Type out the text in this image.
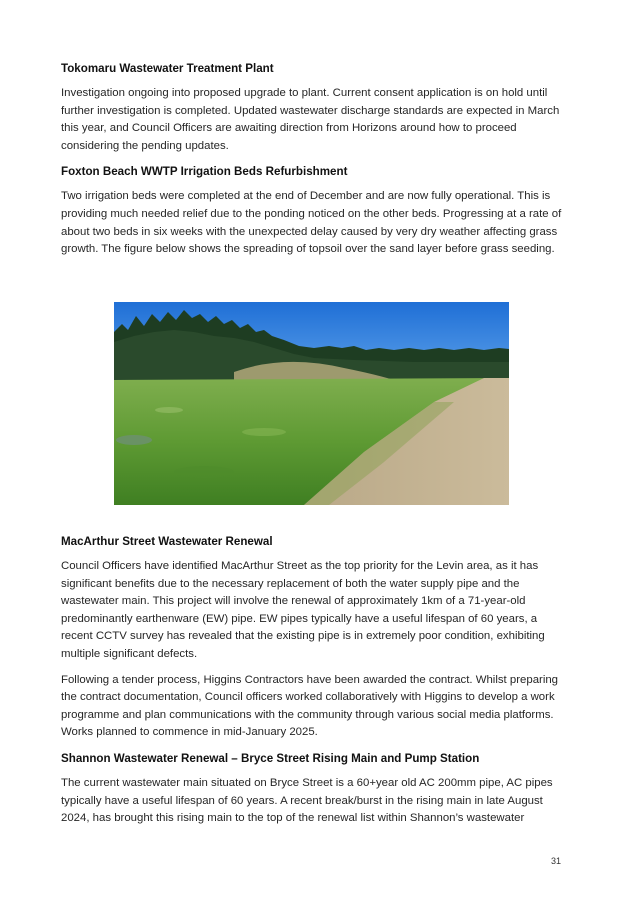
Tokomaru Wastewater Treatment Plant

Investigation ongoing into proposed upgrade to plant. Current consent application is on hold until further investigation is completed. Updated wastewater discharge standards are expected in March this year, and Council Officers are awaiting direction from Horizons around how to proceed considering the pending updates.

Foxton Beach WWTP Irrigation Beds Refurbishment

Two irrigation beds were completed at the end of December and are now fully operational. This is providing much needed relief due to the ponding noticed on the other beds. Progressing at a rate of about two beds in six weeks with the unexpected delay caused by very dry weather affecting grass growth. The figure below shows the spreading of topsoil over the sand layer before grass seeding.

MacArthur Street Wastewater Renewal

Council Officers have identified MacArthur Street as the top priority for the Levin area, as it has significant benefits due to the necessary replacement of both the water supply pipe and the wastewater main. This project will involve the renewal of approximately 1km of a 71-year-old predominantly earthenware (EW) pipe. EW pipes typically have a useful lifespan of 60 years, a recent CCTV survey has revealed that the existing pipe is in extremely poor condition, exhibiting multiple significant defects.

Following a tender process, Higgins Contractors have been awarded the contract. Whilst preparing the contract documentation, Council officers worked collaboratively with Higgins to develop a work programme and plan communications with the community through various social media platforms. Works planned to commence in mid-January 2025.

Shannon Wastewater Renewal – Bryce Street Rising Main and Pump Station

The current wastewater main situated on Bryce Street is a 60+year old AC 200mm pipe, AC pipes typically have a useful lifespan of 60 years. A recent break/burst in the rising main in late August 2024, has brought this rising main to the top of the renewal list within Shannon’s wastewater

31
